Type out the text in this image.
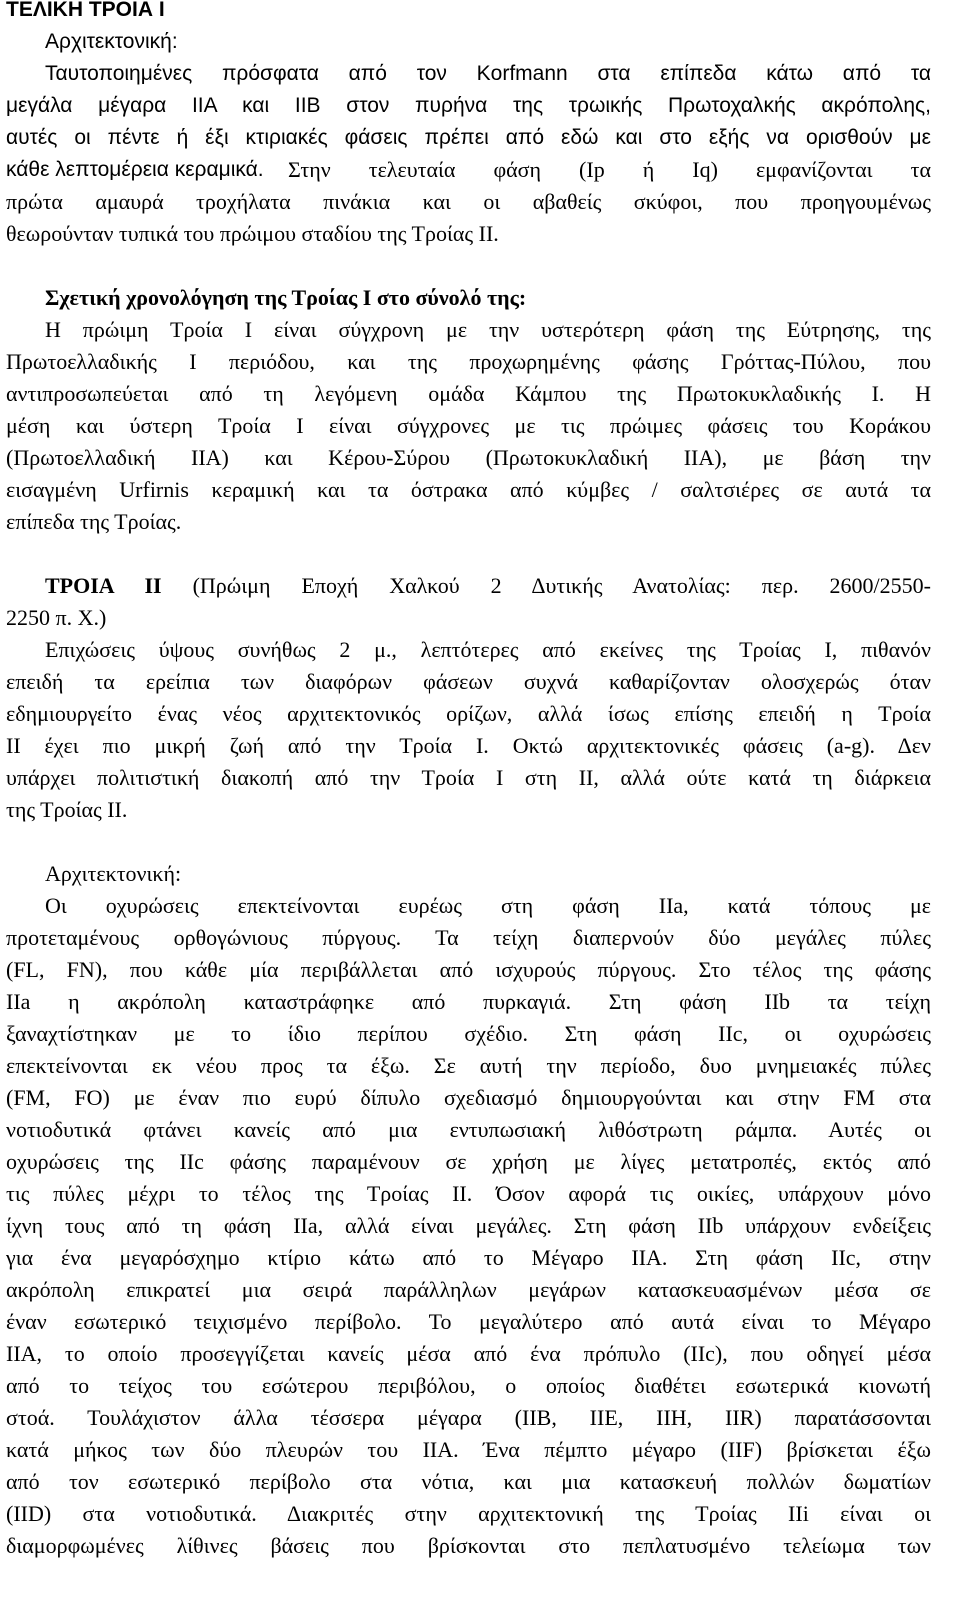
ΤΕΛΙΚΗ ΤΡΟΙΑ Ι
Αρχιτεκτονική:
Ταυτοποιημένες πρόσφατα από τον Korfmann στα επίπεδα κάτω από τα
μεγάλα μέγαρα ΙΙΑ και ΙΙΒ στον πυρήνα της τρωικής Πρωτοχαλκής ακρόπολης,
αυτές οι πέντε ή έξι κτιριακές φάσεις πρέπει από εδώ και στο εξής να ορισθούν με
κάθε λεπτομέρεια κεραμικά. Στην τελευταία φάση (Ip ή Iq) εμφανίζονται τα
πρώτα αμαυρά τροχήλατα πινάκια και οι αβαθείς σκύφοι, που προηγουμένως
θεωρούνταν τυπικά του πρώιμου σταδίου της Τροίας ΙΙ.
Σχετική χρονολόγηση της Τροίας Ι στο σύνολό της:
Η πρώιμη Τροία Ι είναι σύγχρονη με την υστερότερη φάση της Εύτρησης, της
Πρωτοελλαδικής Ι περιόδου, και της προχωρημένης φάσης Γρόττας-Πύλου, που
αντιπροσωπεύεται από τη λεγόμενη ομάδα Κάμπου της Πρωτοκυκλαδικής Ι. Η
μέση και ύστερη Τροία Ι είναι σύγχρονες με τις πρώιμες φάσεις του Κοράκου
(Πρωτοελλαδική ΙΙΑ) και Κέρου-Σύρου (Πρωτοκυκλαδική ΙΙΑ), με βάση την
εισαγμένη Urfirnis κεραμική και τα όστρακα από κύμβες / σαλτσιέρες σε αυτά τα
επίπεδα της Τροίας.
ΤΡΟΙΑ ΙΙ (Πρώιμη Εποχή Χαλκού 2 Δυτικής Ανατολίας: περ. 2600/2550-
2250 π. Χ.)
Επιχώσεις ύψους συνήθως 2 μ., λεπτότερες από εκείνες της Τροίας Ι, πιθανόν
επειδή τα ερείπια των διαφόρων φάσεων συχνά καθαρίζονταν ολοσχερώς όταν
εδημιουργείτο ένας νέος αρχιτεκτονικός ορίζων, αλλά ίσως επίσης επειδή η Τροία
ΙΙ έχει πιο μικρή ζωή από την Τροία Ι. Οκτώ αρχιτεκτονικές φάσεις (a-g). Δεν
υπάρχει πολιτιστική διακοπή από την Τροία Ι στη ΙΙ, αλλά ούτε κατά τη διάρκεια
της Τροίας ΙΙ.
Αρχιτεκτονική:
Οι οχυρώσεις επεκτείνονται ευρέως στη φάση ΙΙa, κατά τόπους με
προτεταμένους ορθογώνιους πύργους. Τα τείχη διαπερνούν δύο μεγάλες πύλες
(FL, FN), που κάθε μία περιβάλλεται από ισχυρούς πύργους. Στο τέλος της φάσης
ΙΙa η ακρόπολη καταστράφηκε από πυρκαγιά. Στη φάση ΙΙb τα τείχη
ξαναχτίστηκαν με το ίδιο περίπου σχέδιο. Στη φάση ΙΙc, οι οχυρώσεις
επεκτείνονται εκ νέου προς τα έξω. Σε αυτή την περίοδο, δυο μνημειακές πύλες
(FM, FO) με έναν πιο ευρύ δίπυλο σχεδιασμό δημιουργούνται και στην FM στα
νοτιοδυτικά φτάνει κανείς από μια εντυπωσιακή λιθόστρωτη ράμπα. Αυτές οι
οχυρώσεις της ΙΙc φάσης παραμένουν σε χρήση με λίγες μετατροπές, εκτός από
τις πύλες μέχρι το τέλος της Τροίας ΙΙ. Όσον αφορά τις οικίες, υπάρχουν μόνο
ίχνη τους από τη φάση ΙΙa, αλλά είναι μεγάλες. Στη φάση ΙΙb υπάρχουν ενδείξεις
για ένα μεγαρόσχημο κτίριο κάτω από το Μέγαρο ΙΙΑ. Στη φάση ΙΙc, στην
ακρόπολη επικρατεί μια σειρά παράλληλων μεγάρων κατασκευασμένων μέσα σε
έναν εσωτερικό τειχισμένο περίβολο. Το μεγαλύτερο από αυτά είναι το Μέγαρο
ΙΙΑ, το οποίο προσεγγίζεται κανείς μέσα από ένα πρόπυλο (ΙΙc), που οδηγεί μέσα
από το τείχος του εσώτερου περιβόλου, ο οποίος διαθέτει εσωτερικά κιονωτή
στοά. Τουλάχιστον άλλα τέσσερα μέγαρα (ΙΙΒ, ΙΙΕ, ΙΙΗ, ΙΙR) παρατάσσονται
κατά μήκος των δύο πλευρών του ΙΙΑ. Ένα πέμπτο μέγαρο (ΙΙF) βρίσκεται έξω
από τον εσωτερικό περίβολο στα νότια, και μια κατασκευή πολλών δωματίων
(ΙΙD) στα νοτιοδυτικά. Διακριτές στην αρχιτεκτονική της Τροίας ΙΙi είναι οι
διαμορφωμένες λίθινες βάσεις που βρίσκονται στο πεπλατυσμένο τελείωμα των
